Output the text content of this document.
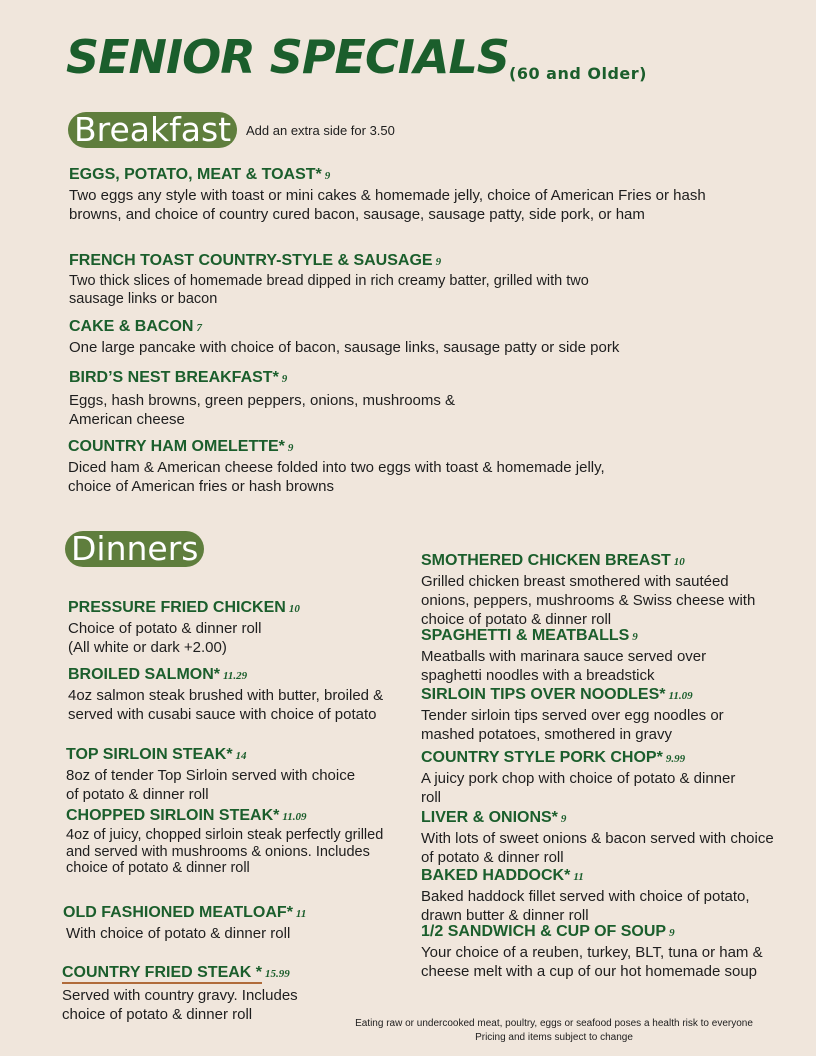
SENIOR SPECIALS (60 and Older)
Breakfast	Add an extra side for 3.50
EGGS, POTATO, MEAT & TOAST* 9
Two eggs any style with toast or mini cakes & homemade jelly, choice of American Fries or hash browns, and choice of country cured bacon, sausage, sausage patty, side pork, or ham
FRENCH TOAST COUNTRY-STYLE & SAUSAGE 9
Two thick slices of homemade bread dipped in rich creamy batter, grilled with two sausage links or bacon
CAKE & BACON 7
One large pancake with choice of bacon, sausage links, sausage patty or side pork
BIRD’S NEST BREAKFAST* 9
Eggs, hash browns, green peppers, onions, mushrooms & American cheese
COUNTRY HAM OMELETTE* 9
Diced ham & American cheese folded into two eggs with toast & homemade jelly, choice of American fries or hash browns
Dinners
PRESSURE FRIED CHICKEN 10
Choice of potato & dinner roll
(All white or dark +2.00)
BROILED SALMON* 11.29
4oz salmon steak brushed with butter, broiled & served with cusabi sauce with choice of potato
TOP SIRLOIN STEAK* 14
8oz of tender Top Sirloin served with choice of potato & dinner roll
CHOPPED SIRLOIN STEAK* 11.09
4oz of juicy, chopped sirloin steak perfectly grilled and served with mushrooms & onions. Includes choice of potato & dinner roll
OLD FASHIONED MEATLOAF* 11
With choice of potato & dinner roll
COUNTRY FRIED STEAK * 15.99
Served with country gravy. Includes choice of potato & dinner roll
SMOTHERED CHICKEN BREAST 10
Grilled chicken breast smothered with sautéed onions, peppers, mushrooms & Swiss cheese with choice of potato & dinner roll
SPAGHETTI & MEATBALLS 9
Meatballs with marinara sauce served over spaghetti noodles with a breadstick
SIRLOIN TIPS OVER NOODLES* 11.09
Tender sirloin tips served over egg noodles or mashed potatoes, smothered in gravy
COUNTRY STYLE PORK CHOP* 9.99
A juicy pork chop with choice of potato & dinner roll
LIVER & ONIONS* 9
With lots of sweet onions & bacon served with choice of potato & dinner roll
BAKED HADDOCK* 11
Baked haddock fillet served with choice of potato, drawn butter & dinner roll
1/2 SANDWICH & CUP OF SOUP 9
Your choice of a reuben, turkey, BLT, tuna or ham & cheese melt with a cup of our hot homemade soup
Eating raw or undercooked meat, poultry, eggs or seafood poses a health risk to everyone
Pricing and items subject to change
